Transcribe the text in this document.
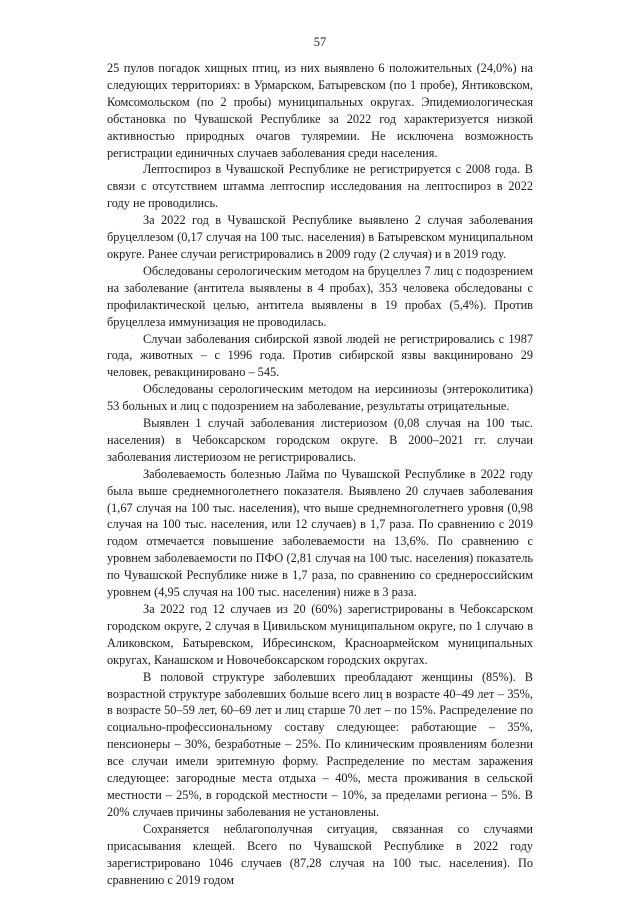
57

25 пулов погадок хищных птиц, из них выявлено 6 положительных (24,0%) на следующих территориях: в Урмарском, Батыревском (по 1 пробе), Янтиковском, Комсомольском (по 2 пробы) муниципальных округах. Эпидемиологическая обстановка по Чувашской Республике за 2022 год характеризуется низкой активностью природных очагов туляремии. Не исключена возможность регистрации единичных случаев заболевания среди населения.

Лептоспироз в Чувашской Республике не регистрируется с 2008 года. В связи с отсутствием штамма лептоспир исследования на лептоспироз в 2022 году не проводились.

За 2022 год в Чувашской Республике выявлено 2 случая заболевания бруцеллезом (0,17 случая на 100 тыс. населения) в Батыревском муниципальном округе. Ранее случаи регистрировались в 2009 году (2 случая) и в 2019 году.

Обследованы серологическим методом на бруцеллез 7 лиц с подозрением на заболевание (антитела выявлены в 4 пробах), 353 человека обследованы с профилактической целью, антитела выявлены в 19 пробах (5,4%). Против бруцеллеза иммунизация не проводилась.

Случаи заболевания сибирской язвой людей не регистрировались с 1987 года, животных – с 1996 года. Против сибирской язвы вакцинировано 29 человек, ревакцинировано – 545.

Обследованы серологическим методом на иерсиниозы (энтероколитика) 53 больных и лиц с подозрением на заболевание, результаты отрицательные.

Выявлен 1 случай заболевания листериозом (0,08 случая на 100 тыс. населения) в Чебоксарском городском округе. В 2000–2021 гг. случаи заболевания листериозом не регистрировались.

Заболеваемость болезнью Лайма по Чувашской Республике в 2022 году была выше среднемноголетнего показателя. Выявлено 20 случаев заболевания (1,67 случая на 100 тыс. населения), что выше среднемноголетнего уровня (0,98 случая на 100 тыс. населения, или 12 случаев) в 1,7 раза. По сравнению с 2019 годом отмечается повышение заболеваемости на 13,6%. По сравнению с уровнем заболеваемости по ПФО (2,81 случая на 100 тыс. населения) показатель по Чувашской Республике ниже в 1,7 раза, по сравнению со среднероссийским уровнем (4,95 случая на 100 тыс. населения) ниже в 3 раза.

За 2022 год 12 случаев из 20 (60%) зарегистрированы в Чебоксарском городском округе, 2 случая в Цивильском муниципальном округе, по 1 случаю в Аликовском, Батыревском, Ибресинском, Красноармейском муниципальных округах, Канашском и Новочебоксарском городских округах.

В половой структуре заболевших преобладают женщины (85%). В возрастной структуре заболевших больше всего лиц в возрасте 40–49 лет – 35%, в возрасте 50–59 лет, 60–69 лет и лиц старше 70 лет – по 15%. Распределение по социально-профессиональному составу следующее: работающие – 35%, пенсионеры – 30%, безработные – 25%. По клиническим проявлениям болезни все случаи имели эритемную форму. Распределение по местам заражения следующее: загородные места отдыха – 40%, места проживания в сельской местности – 25%, в городской местности – 10%, за пределами региона – 5%. В 20% случаев причины заболевания не установлены.

Сохраняется неблагополучная ситуация, связанная со случаями присасывания клещей. Всего по Чувашской Республике в 2022 году зарегистрировано 1046 случаев (87,28 случая на 100 тыс. населения). По сравнению с 2019 годом
